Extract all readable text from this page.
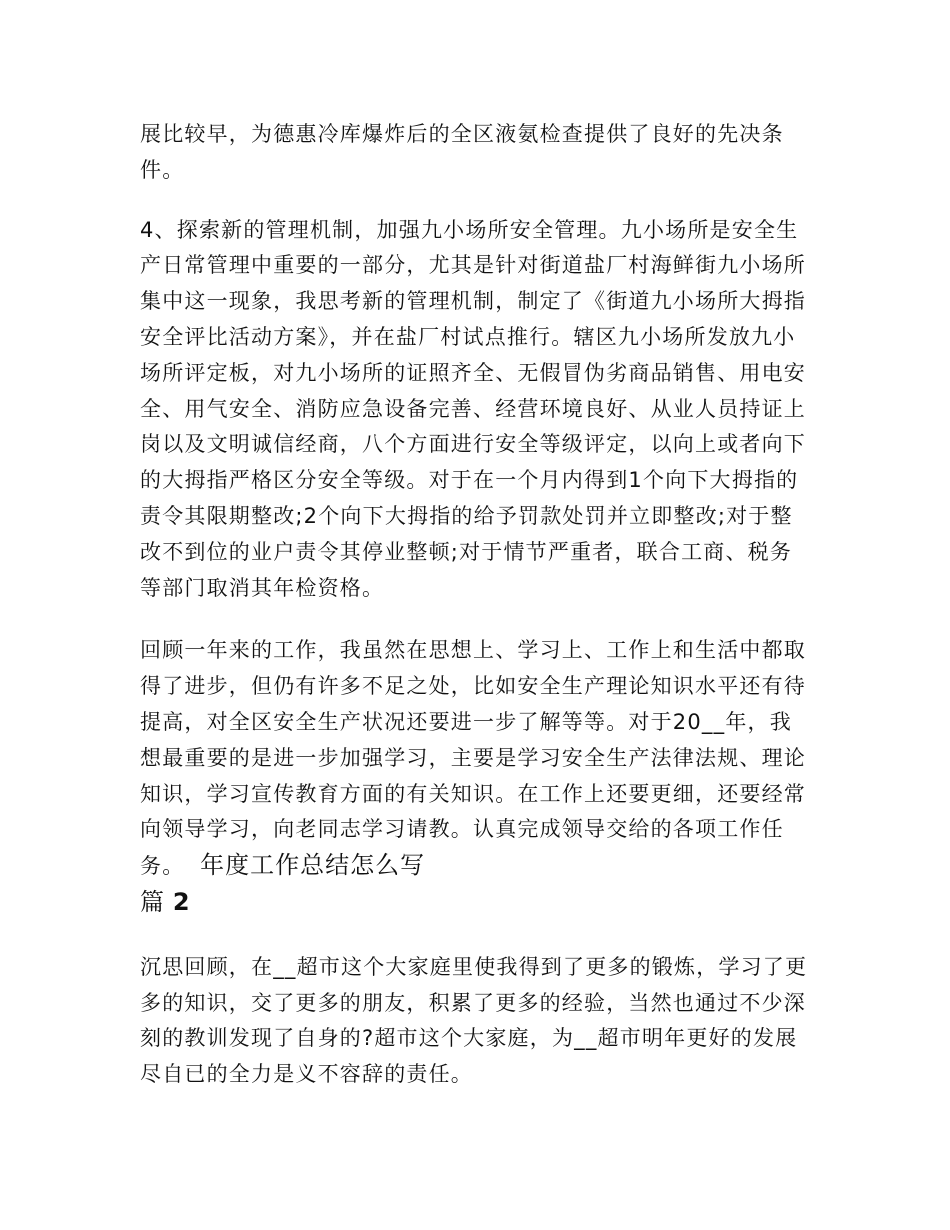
展比较早，为德惠冷库爆炸后的全区液氨检查提供了良好的先决条件。

4、探索新的管理机制，加强九小场所安全管理。九小场所是安全生产日常管理中重要的一部分，尤其是针对街道盐厂村海鲜街九小场所集中这一现象，我思考新的管理机制，制定了《街道九小场所大拇指安全评比活动方案》，并在盐厂村试点推行。辖区九小场所发放九小场所评定板，对九小场所的证照齐全、无假冒伪劣商品销售、用电安全、用气安全、消防应急设备完善、经营环境良好、从业人员持证上岗以及文明诚信经商，八个方面进行安全等级评定，以向上或者向下的大拇指严格区分安全等级。对于在一个月内得到1个向下大拇指的责令其限期整改;2个向下大拇指的给予罚款处罚并立即整改;对于整改不到位的业户责令其停业整顿;对于情节严重者，联合工商、税务等部门取消其年检资格。

回顾一年来的工作，我虽然在思想上、学习上、工作上和生活中都取得了进步，但仍有许多不足之处，比如安全生产理论知识水平还有待提高，对全区安全生产状况还要进一步了解等等。对于20__年，我想最重要的是进一步加强学习，主要是学习安全生产法律法规、理论知识，学习宣传教育方面的有关知识。在工作上还要更细，还要经常向领导学习，向老同志学习请教。认真完成领导交给的各项工作任务。 年度工作总结怎么写
篇 2

沉思回顾，在__超市这个大家庭里使我得到了更多的锻炼，学习了更多的知识，交了更多的朋友，积累了更多的经验，当然也通过不少深刻的教训发现了自身的?超市这个大家庭，为__超市明年更好的发展尽自已的全力是义不容辞的责任。
